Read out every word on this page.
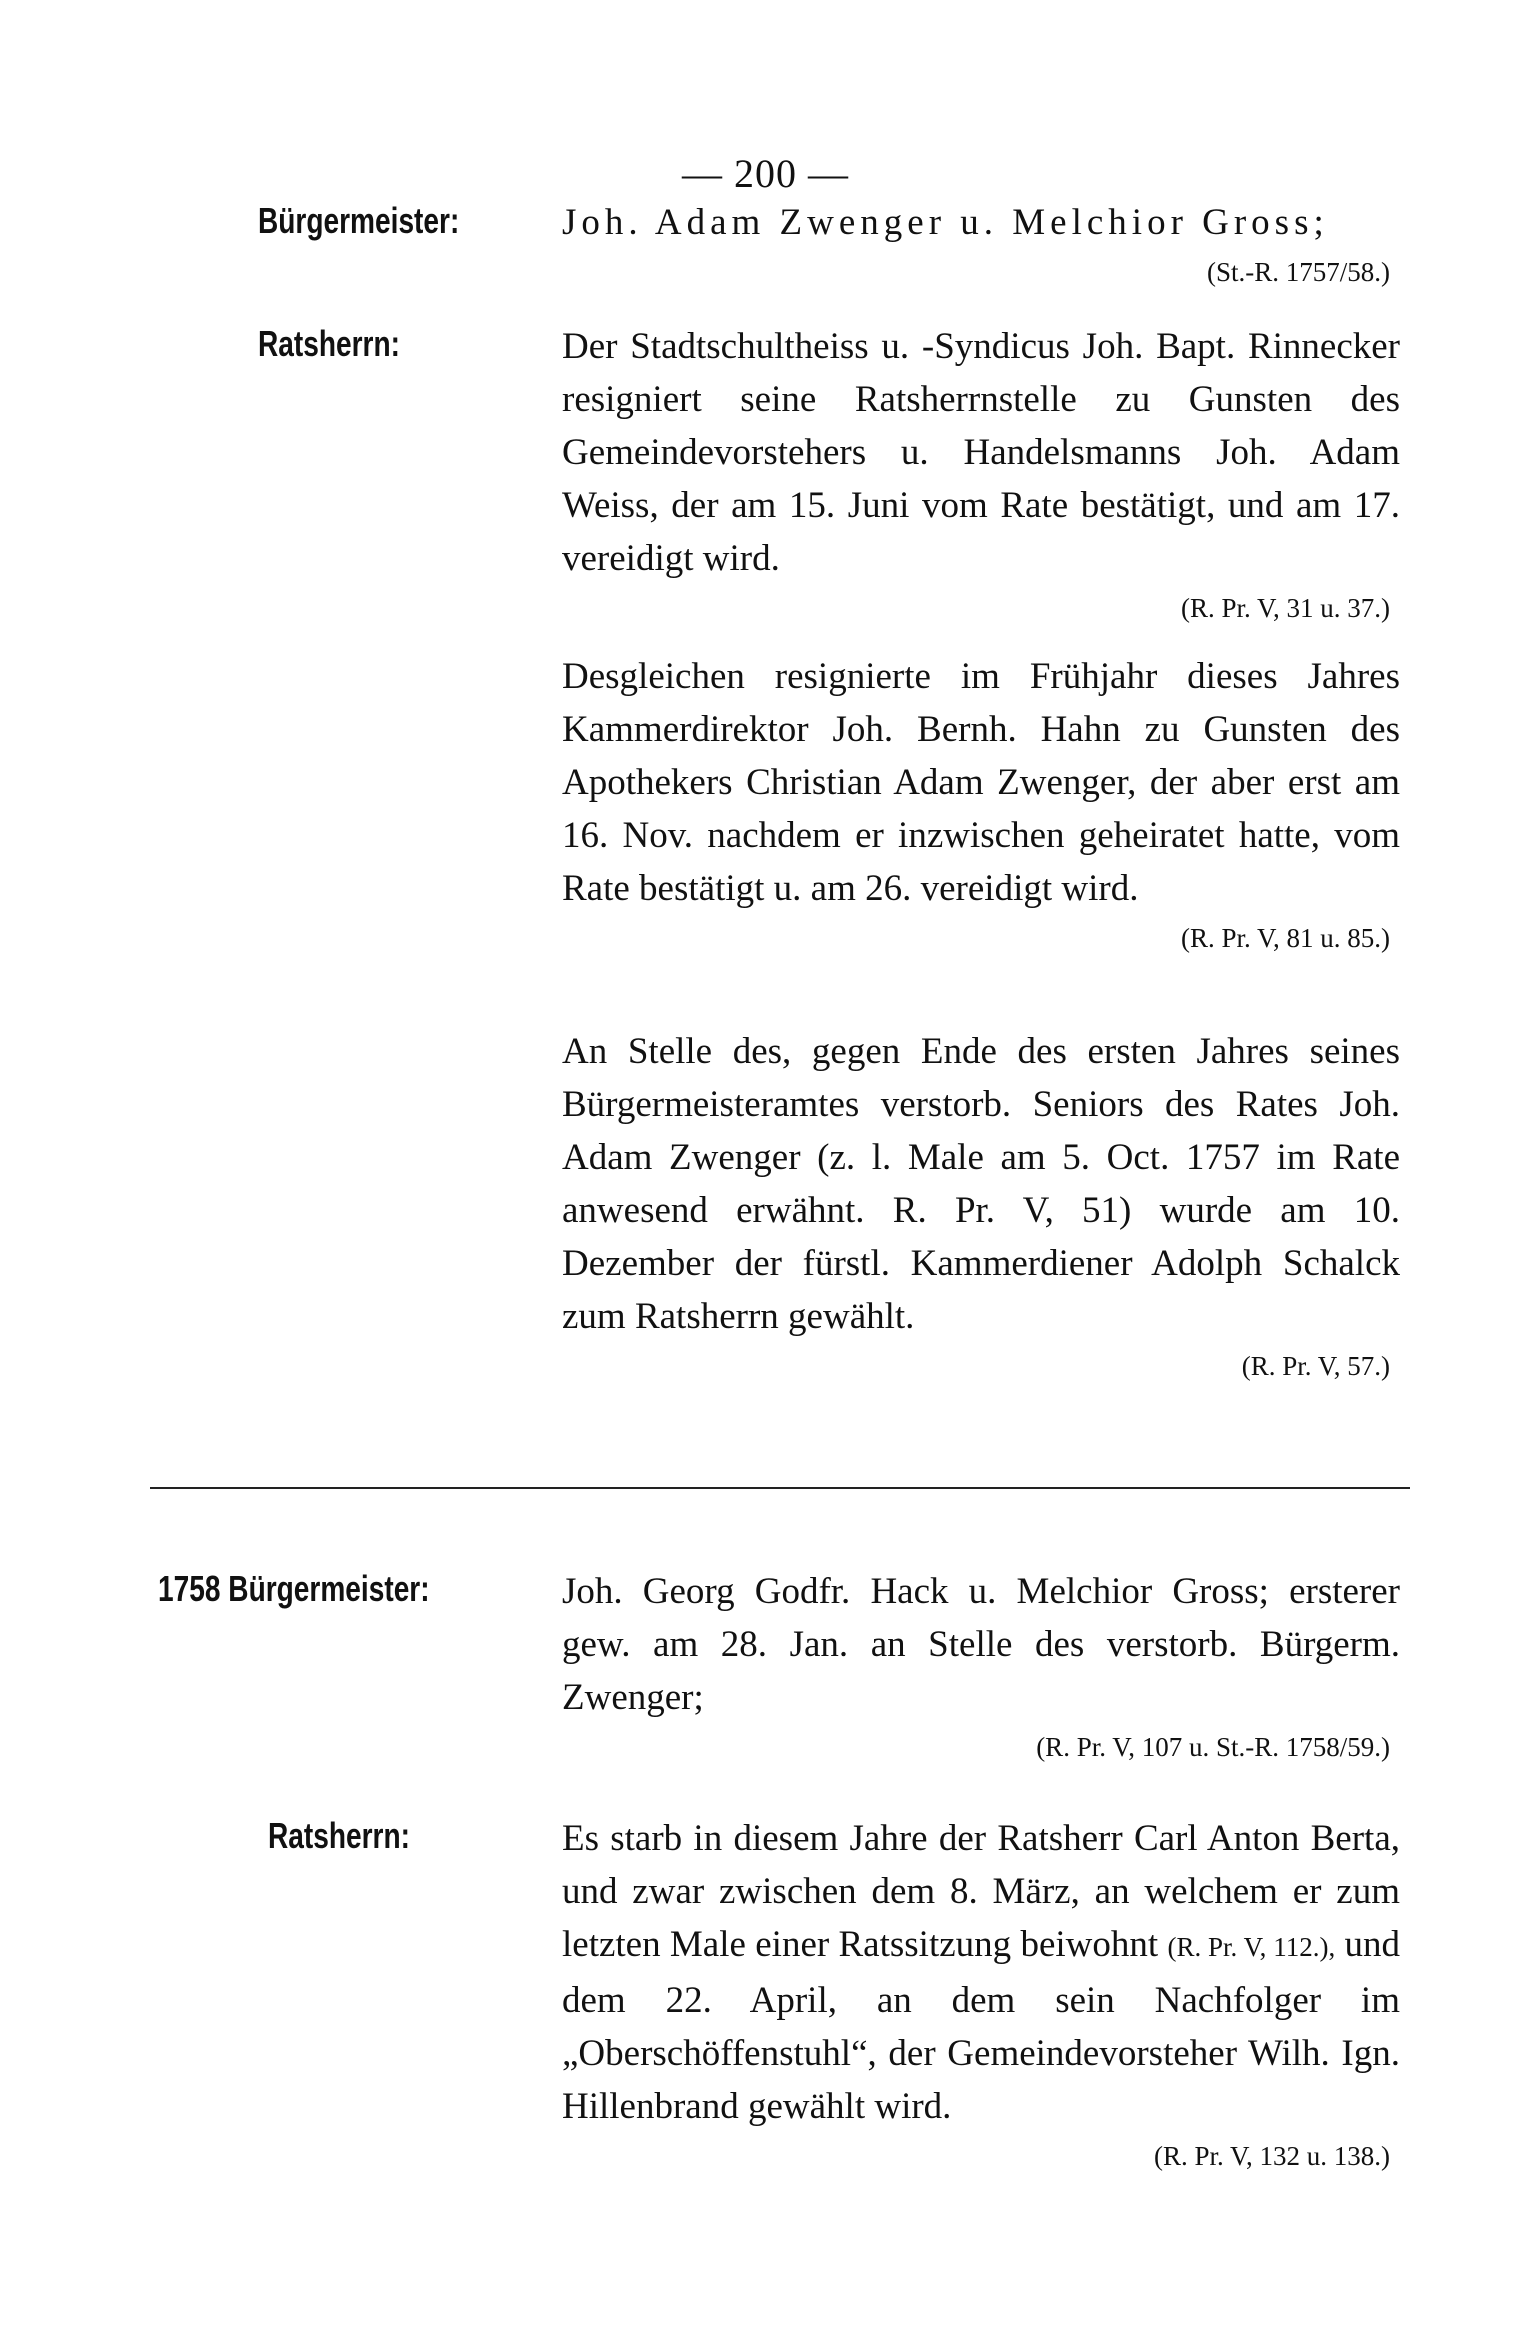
— 200 —
Bürgermeister:	Joh. Adam Zwenger u. Melchior Gross;
(St.-R. 1757/58.)
Ratsherrn:	Der Stadtschultheiss u. -Syndicus Joh. Bapt. Rinnecker resigniert seine Ratsherrnstelle zu Gunsten des Gemeindevorstehers u. Handelsmanns Joh. Adam Weiss, der am 15. Juni vom Rate bestätigt, und am 17. vereidigt wird.

(R. Pr. V, 31 u. 37.)

Desgleichen resignierte im Frühjahr dieses Jahres Kammerdirektor Joh. Bernh. Hahn zu Gunsten des Apothekers Christian Adam Zwenger, der aber erst am 16. Nov. nachdem er inzwischen geheiratet hatte, vom Rate bestätigt u. am 26. vereidigt wird.

(R. Pr. V, 81 u. 85.)

An Stelle des, gegen Ende des ersten Jahres seines Bürgermeisteramtes verstorb. Seniors des Rates Joh. Adam Zwenger (z. l. Male am 5. Oct. 1757 im Rate anwesend erwähnt. R. Pr. V, 51) wurde am 10. Dezember der fürstl. Kammerdiener Adolph Schalck zum Ratsherrn gewählt.

(R. Pr. V, 57.)
1758 Bürgermeister:	Joh. Georg Godfr. Hack u. Melchior Gross; ersterer gew. am 28. Jan. an Stelle des verstorb. Bürgerm. Zwenger;

(R. Pr. V, 107 u. St.-R. 1758/59.)
Ratsherrn:	Es starb in diesem Jahre der Ratsherr Carl Anton Berta, und zwar zwischen dem 8. März, an welchem er zum letzten Male einer Ratssitzung beiwohnt (R. Pr. V, 112.), und dem 22. April, an dem sein Nachfolger im „Oberschöffenstuhl“, der Gemeindevorsteher Wilh. Ign. Hillenbrand gewählt wird.

(R. Pr. V, 132 u. 138.)
